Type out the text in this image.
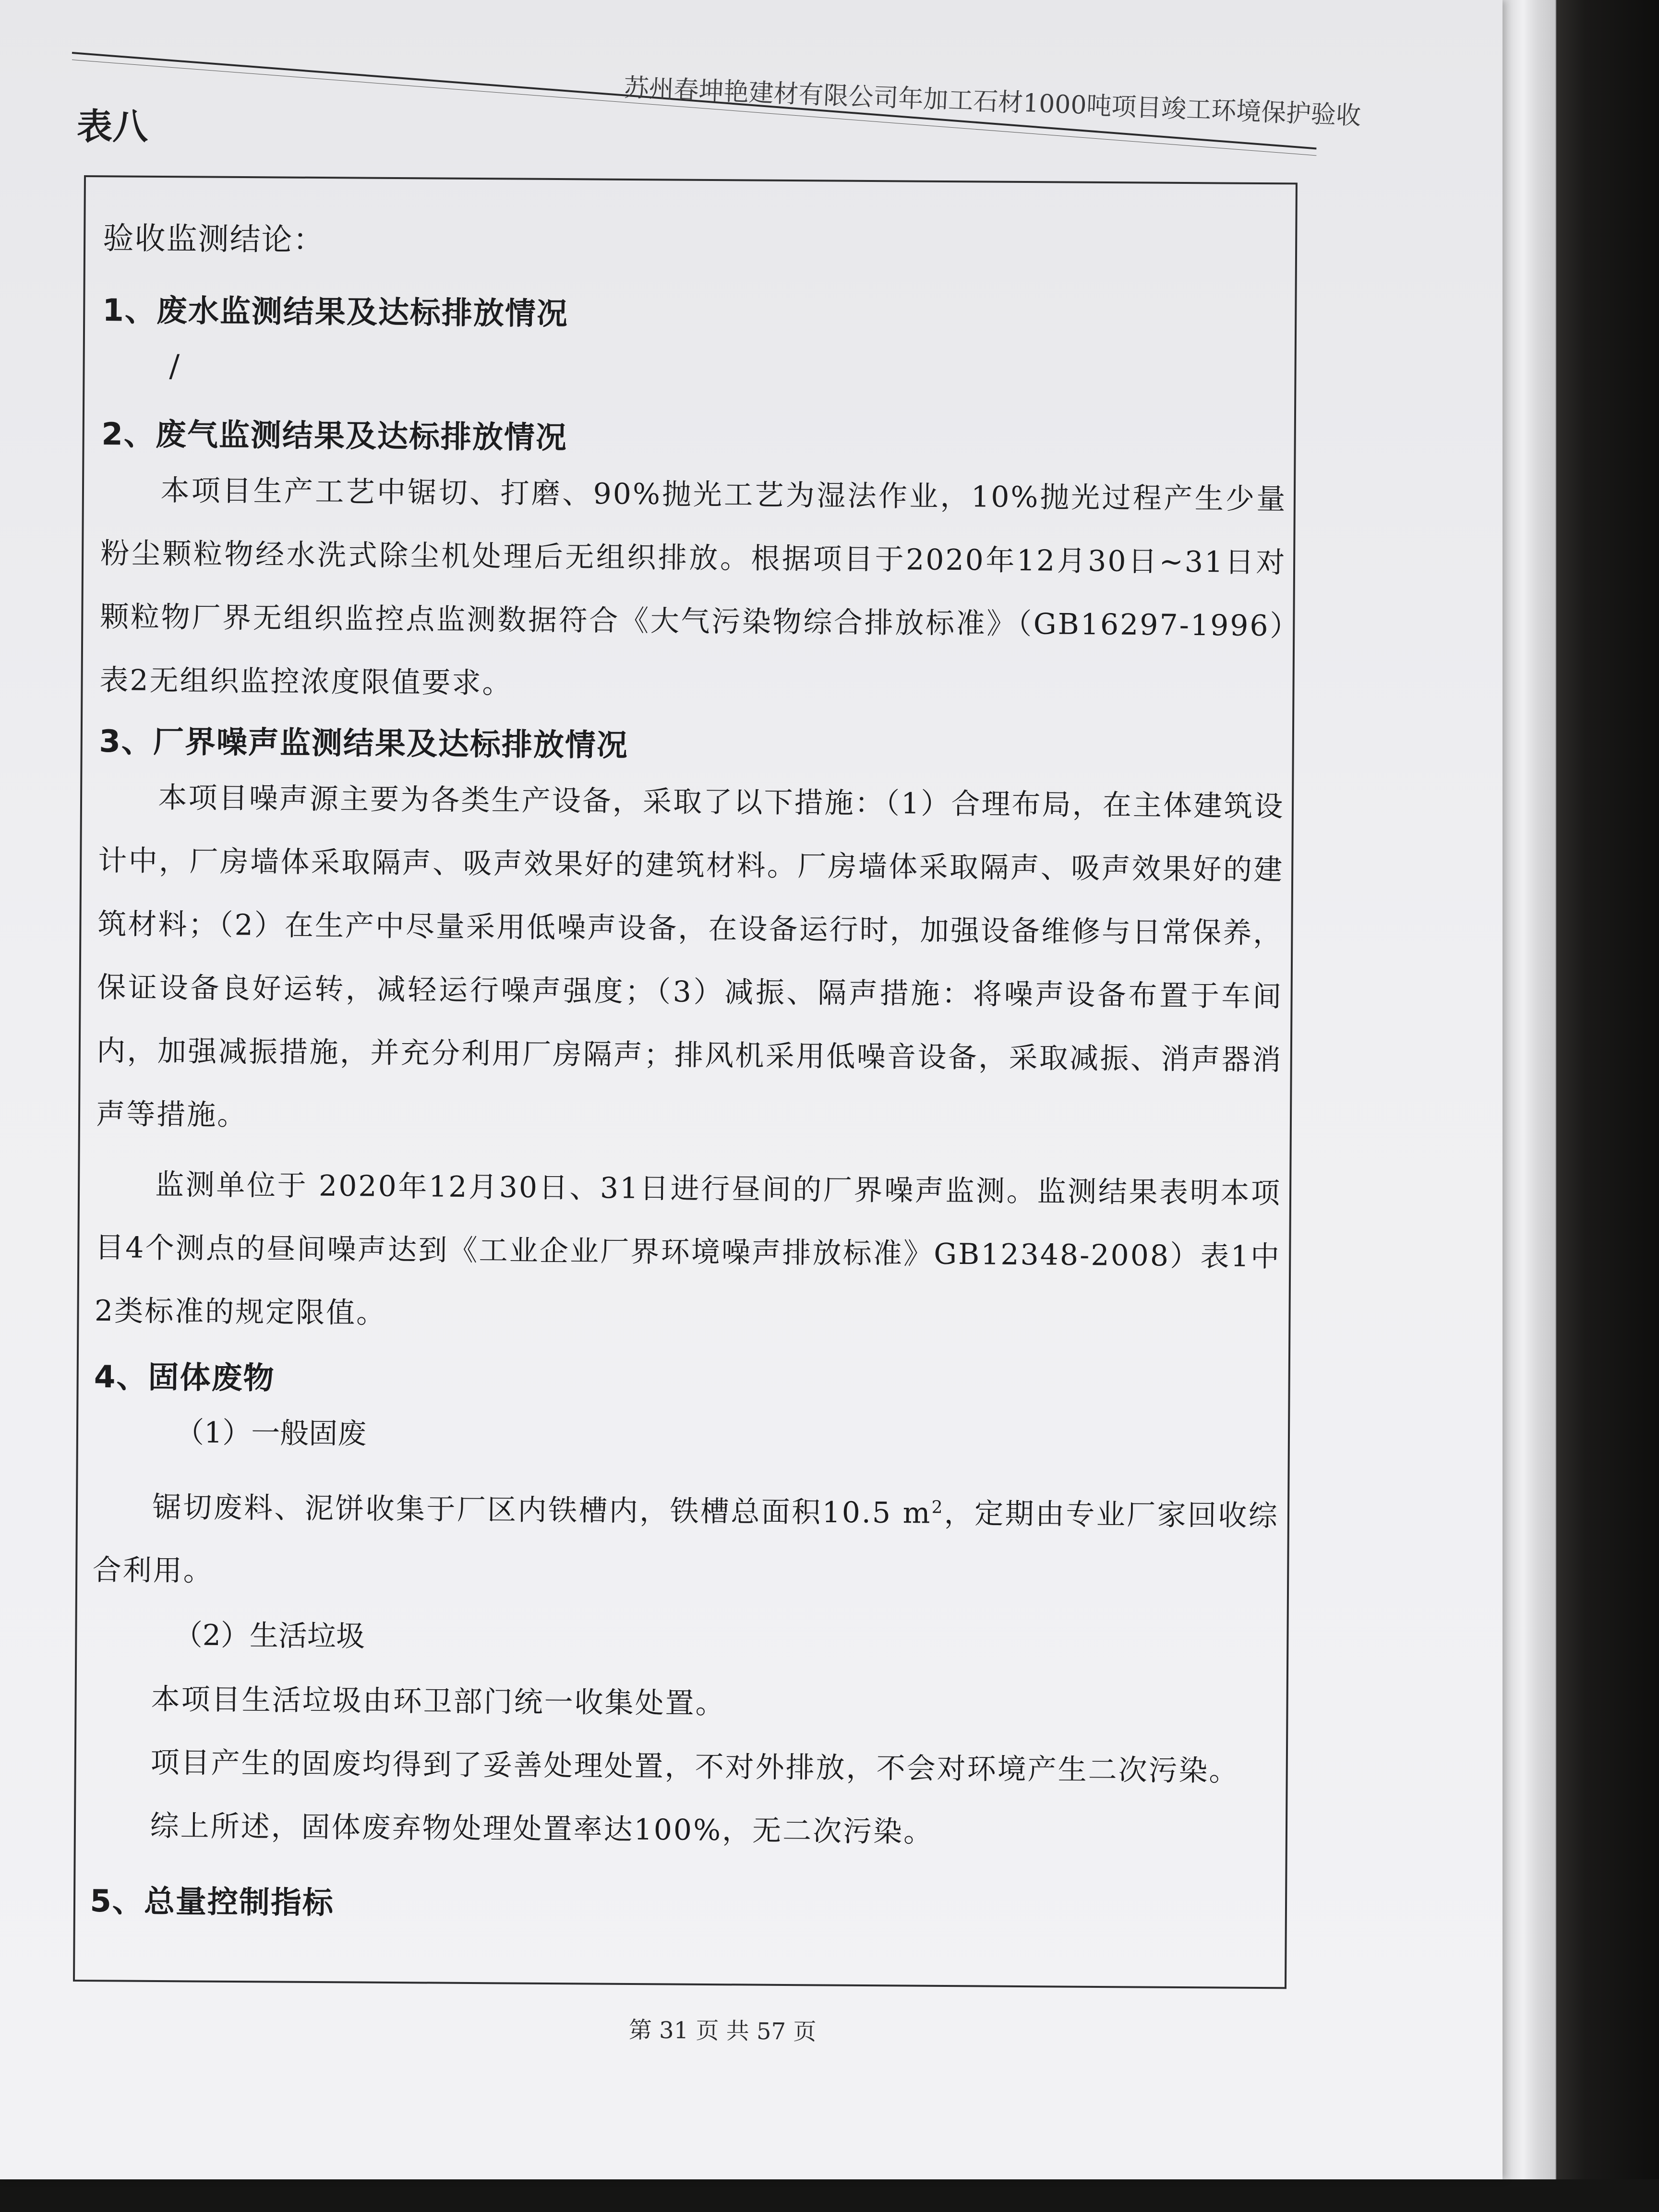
苏州春坤艳建材有限公司年加工石材1000吨项目竣工环境保护验收
表八
验收监测结论：
1、废水监测结果及达标排放情况
/
2、废气监测结果及达标排放情况
本项目生产工艺中锯切、打磨、90%抛光工艺为湿法作业，10%抛光过程产生少量粉尘颗粒物经水洗式除尘机处理后无组织排放。根据项目于2020年12月30日~31日对颗粒物厂界无组织监控点监测数据符合《大气污染物综合排放标准》（GB16297-1996）表2无组织监控浓度限值要求。
3、厂界噪声监测结果及达标排放情况
本项目噪声源主要为各类生产设备，采取了以下措施：（1）合理布局，在主体建筑设计中，厂房墙体采取隔声、吸声效果好的建筑材料。厂房墙体采取隔声、吸声效果好的建筑材料；（2）在生产中尽量采用低噪声设备，在设备运行时，加强设备维修与日常保养，保证设备良好运转，减轻运行噪声强度；（3）减振、隔声措施：将噪声设备布置于车间内，加强减振措施，并充分利用厂房隔声；排风机采用低噪音设备，采取减振、消声器消声等措施。
监测单位于 2020年12月30日、31日进行昼间的厂界噪声监测。监测结果表明本项目4个测点的昼间噪声达到《工业企业厂界环境噪声排放标准》GB12348-2008）表1中2类标准的规定限值。
4、固体废物
（1）一般固废
锯切废料、泥饼收集于厂区内铁槽内，铁槽总面积10.5 $m^2$，定期由专业厂家回收综合利用。
（2）生活垃圾
本项目生活垃圾由环卫部门统一收集处置。
项目产生的固废均得到了妥善处理处置，不对外排放，不会对环境产生二次污染。
综上所述，固体废弃物处理处置率达100%，无二次污染。
5、总量控制指标
第 31 页 共 57 页
